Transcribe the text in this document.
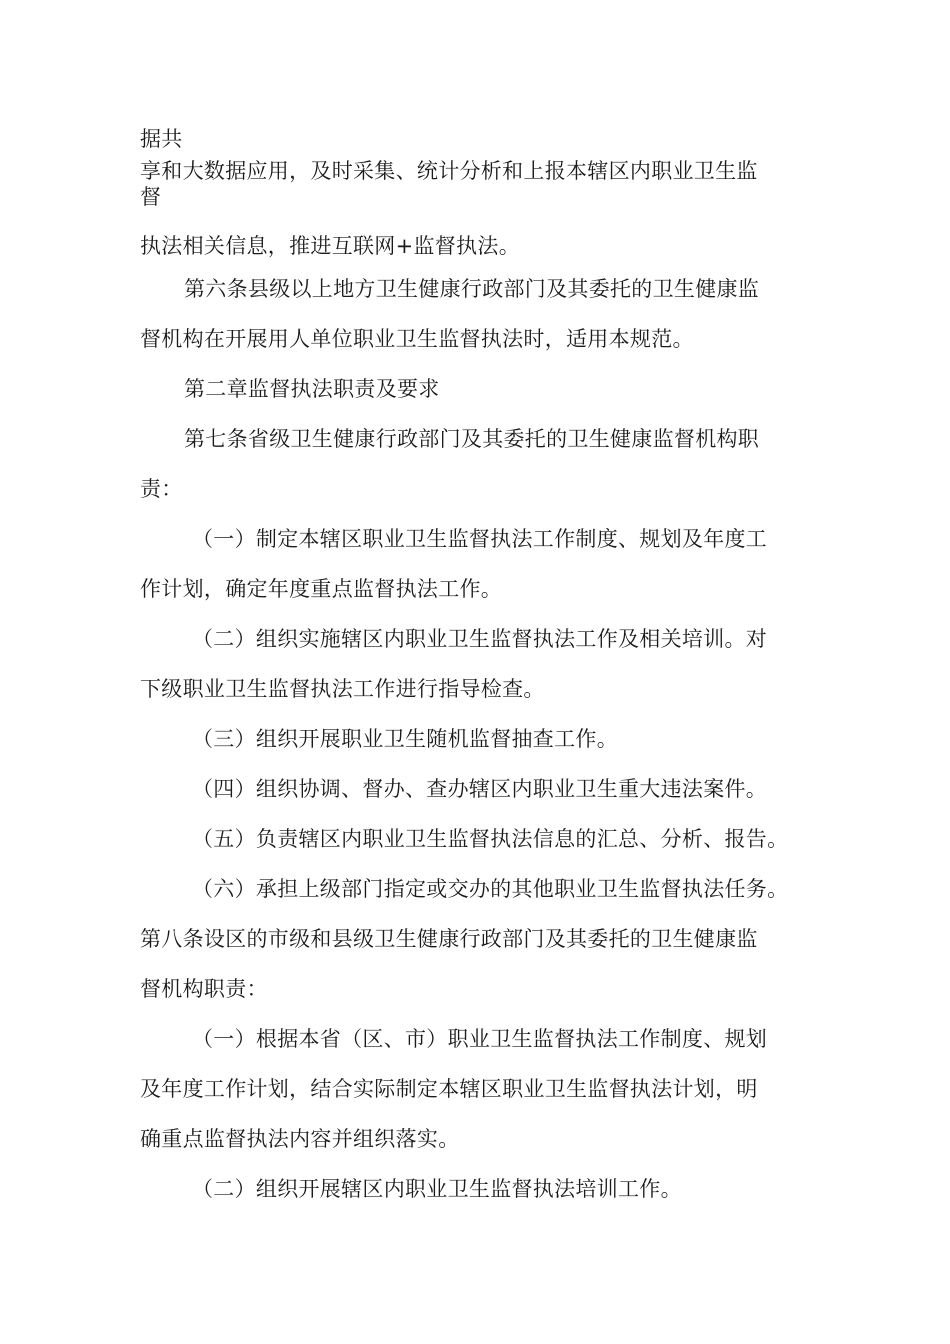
据共
享和大数据应用，及时采集、统计分析和上报本辖区内职业卫生监
督
执法相关信息，推进互联网+监督执法。
第六条县级以上地方卫生健康行政部门及其委托的卫生健康监
督机构在开展用人单位职业卫生监督执法时，适用本规范。
第二章监督执法职责及要求
第七条省级卫生健康行政部门及其委托的卫生健康监督机构职
责：
（一）制定本辖区职业卫生监督执法工作制度、规划及年度工
作计划，确定年度重点监督执法工作。
（二）组织实施辖区内职业卫生监督执法工作及相关培训。对
下级职业卫生监督执法工作进行指导检查。
（三）组织开展职业卫生随机监督抽查工作。
（四）组织协调、督办、查办辖区内职业卫生重大违法案件。
（五）负责辖区内职业卫生监督执法信息的汇总、分析、报告。
（六）承担上级部门指定或交办的其他职业卫生监督执法任务。
第八条设区的市级和县级卫生健康行政部门及其委托的卫生健康监
督机构职责：
（一）根据本省（区、市）职业卫生监督执法工作制度、规划
及年度工作计划，结合实际制定本辖区职业卫生监督执法计划，明
确重点监督执法内容并组织落实。
（二）组织开展辖区内职业卫生监督执法培训工作。
